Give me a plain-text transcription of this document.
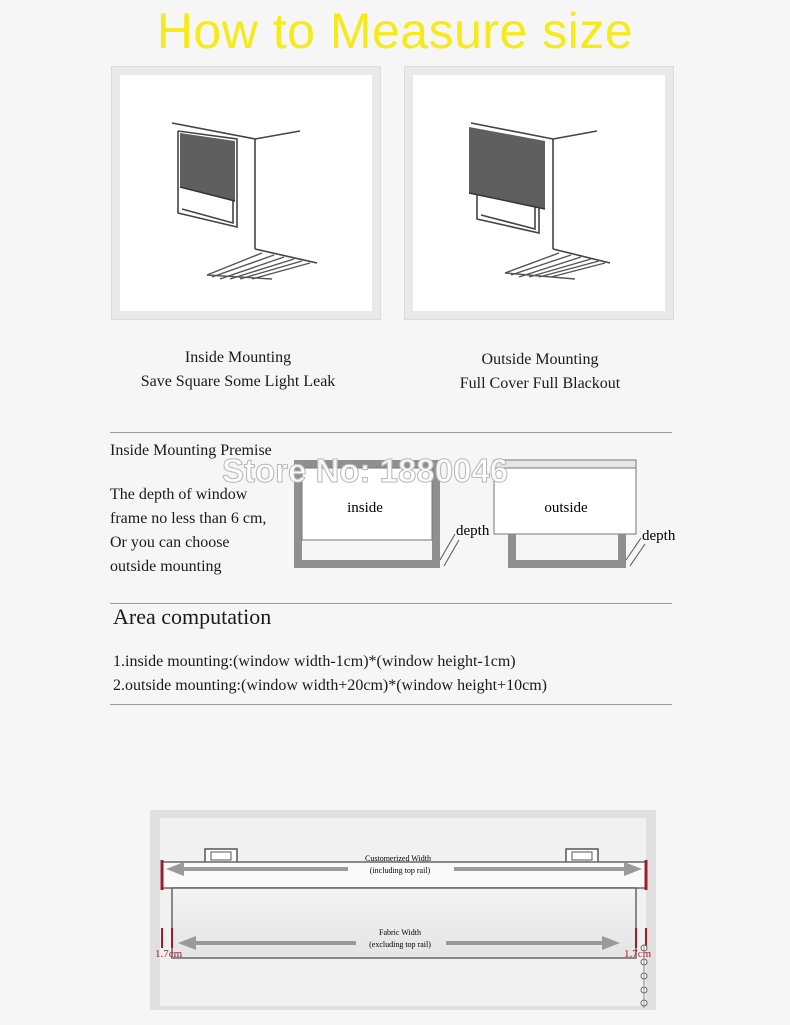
How to Measure size
Inside Mounting
Save Square Some Light Leak
Outside Mounting
Full Cover Full Blackout
Inside Mounting Premise
The depth of window
frame no less than 6 cm,
Or you can choose
outside mounting
inside	outside
depth	depth
Store No: 1880046
Area computation
1.inside mounting:(window width-1cm)*(window height-1cm)
2.outside mounting:(window width+20cm)*(window height+10cm)
Customerized Width
(including top rail)
Fabric Width
(excluding top rail)
1.7cm	1.7cm
